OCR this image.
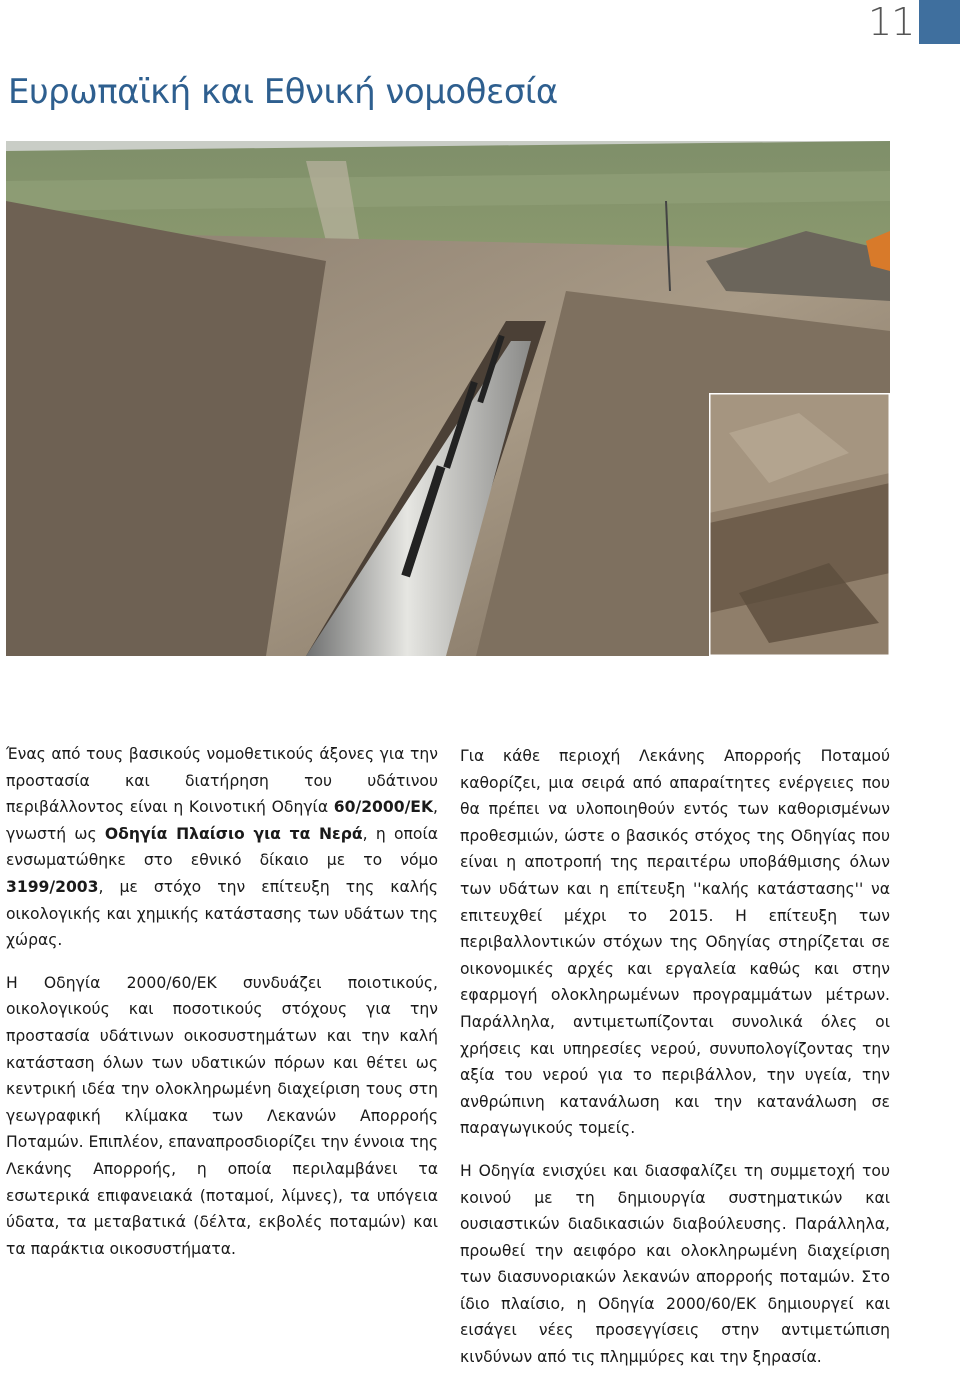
11
Ευρωπαϊκή και Εθνική νομοθεσία

Ένας από τους βασικούς νομοθετικούς άξονες για την προστασία και διατήρηση του υδάτινου περιβάλλοντος είναι η Κοινοτική Οδηγία 60/2000/ΕΚ, γνωστή ως Οδηγία Πλαίσιο για τα Νερά, η οποία ενσωματώθηκε στο εθνικό δίκαιο με το νόμο 3199/2003, με στόχο την επίτευξη της καλής οικολογικής και χημικής κατάστασης των υδάτων της χώρας.

Η Οδηγία 2000/60/ΕΚ συνδυάζει ποιοτικούς, οικολογικούς και ποσοτικούς στόχους για την προστασία υδάτινων οικοσυστημάτων και την καλή κατάσταση όλων των υδατικών πόρων και θέτει ως κεντρική ιδέα την ολοκληρωμένη διαχείριση τους στη γεωγραφική κλίμακα των Λεκανών Απορροής Ποταμών. Επιπλέον, επαναπροσδιορίζει την έννοια της Λεκάνης Απορροής, η οποία περιλαμβάνει τα εσωτερικά επιφανειακά (ποταμοί, λίμνες), τα υπόγεια ύδατα, τα μεταβατικά (δέλτα, εκβολές ποταμών) και τα παράκτια οικοσυστήματα.

Για κάθε περιοχή Λεκάνης Απορροής Ποταμού καθορίζει, μια σειρά από απαραίτητες ενέργειες που θα πρέπει να υλοποιηθούν εντός των καθορισμένων προθεσμιών, ώστε ο βασικός στόχος της Οδηγίας που είναι η αποτροπή της περαιτέρω υποβάθμισης όλων των υδάτων και η επίτευξη ''καλής κατάστασης'' να επιτευχθεί μέχρι το 2015. Η επίτευξη των περιβαλλοντικών στόχων της Οδηγίας στηρίζεται σε οικονομικές αρχές και εργαλεία καθώς και στην εφαρμογή ολοκληρωμένων προγραμμάτων μέτρων. Παράλληλα, αντιμετωπίζονται συνολικά όλες οι χρήσεις και υπηρεσίες νερού, συνυπολογίζοντας την αξία του νερού για το περιβάλλον, την υγεία, την ανθρώπινη κατανάλωση και την κατανάλωση σε παραγωγικούς τομείς.

Η Οδηγία ενισχύει και διασφαλίζει τη συμμετοχή του κοινού με τη δημιουργία συστηματικών και ουσιαστικών διαδικασιών διαβούλευσης. Παράλληλα, προωθεί την αειφόρο και ολοκληρωμένη διαχείριση των διασυνοριακών λεκανών απορροής ποταμών. Στο ίδιο πλαίσιο, η Οδηγία 2000/60/ΕΚ δημιουργεί και εισάγει νέες προσεγγίσεις στην αντιμετώπιση κινδύνων από τις πλημμύρες και την ξηρασία.
